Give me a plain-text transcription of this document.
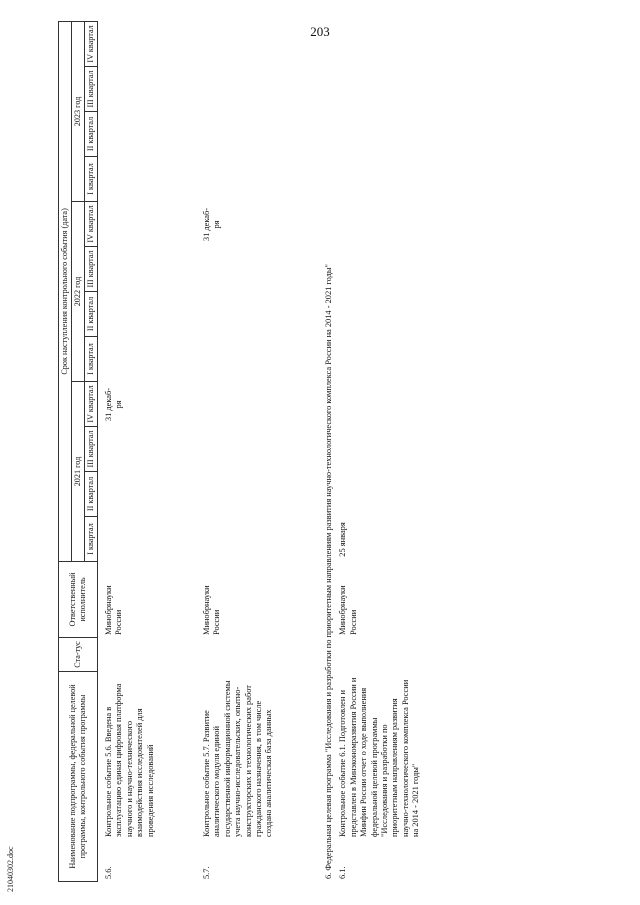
203
Наименование подпрограммы, федеральной целевой программы, контрольного события программы	Ста-тус	Ответственный исполнитель	Срок наступления контрольного события (дата)											
			2021 год				2022 год				2023 год			
			I квартал	II квартал	III квартал	IV квартал	I квартал	II квартал	III квартал	IV квартал	I квартал	II квартал	III квартал	IV квартал
5.6.	Контрольное событие 5.6. Введена в эксплуатацию единая цифровая платформа научного и научно-технического взаимодействия исследователей для проведения исследований		Минобрнауки России				31 декаб-ря								
5.7.	Контрольное событие 5.7. Развитие аналитического модуля единой государственной информационной системы учета научно-исследовательских, опытно-конструкторских и технологических работ гражданского назначения, в том числе создана аналитическая база данных		Минобрнауки России								31 декаб-ря				
6. Федеральная целевая программа "Исследования и разработки по приоритетным направлениям развития научно-технологического комплекса России на 2014 - 2021 годы"															
6.1.	Контрольное событие 6.1. Подготовлен и представлен в Минэкономразвития России и Минфин России отчет о ходе выполнения федеральной целевой программы "Исследования и разработки по приоритетным направлениям развития научно-технологического комплекса России на 2014 - 2021 годы"		Минобрнауки России	25 января											
21040302.doc
